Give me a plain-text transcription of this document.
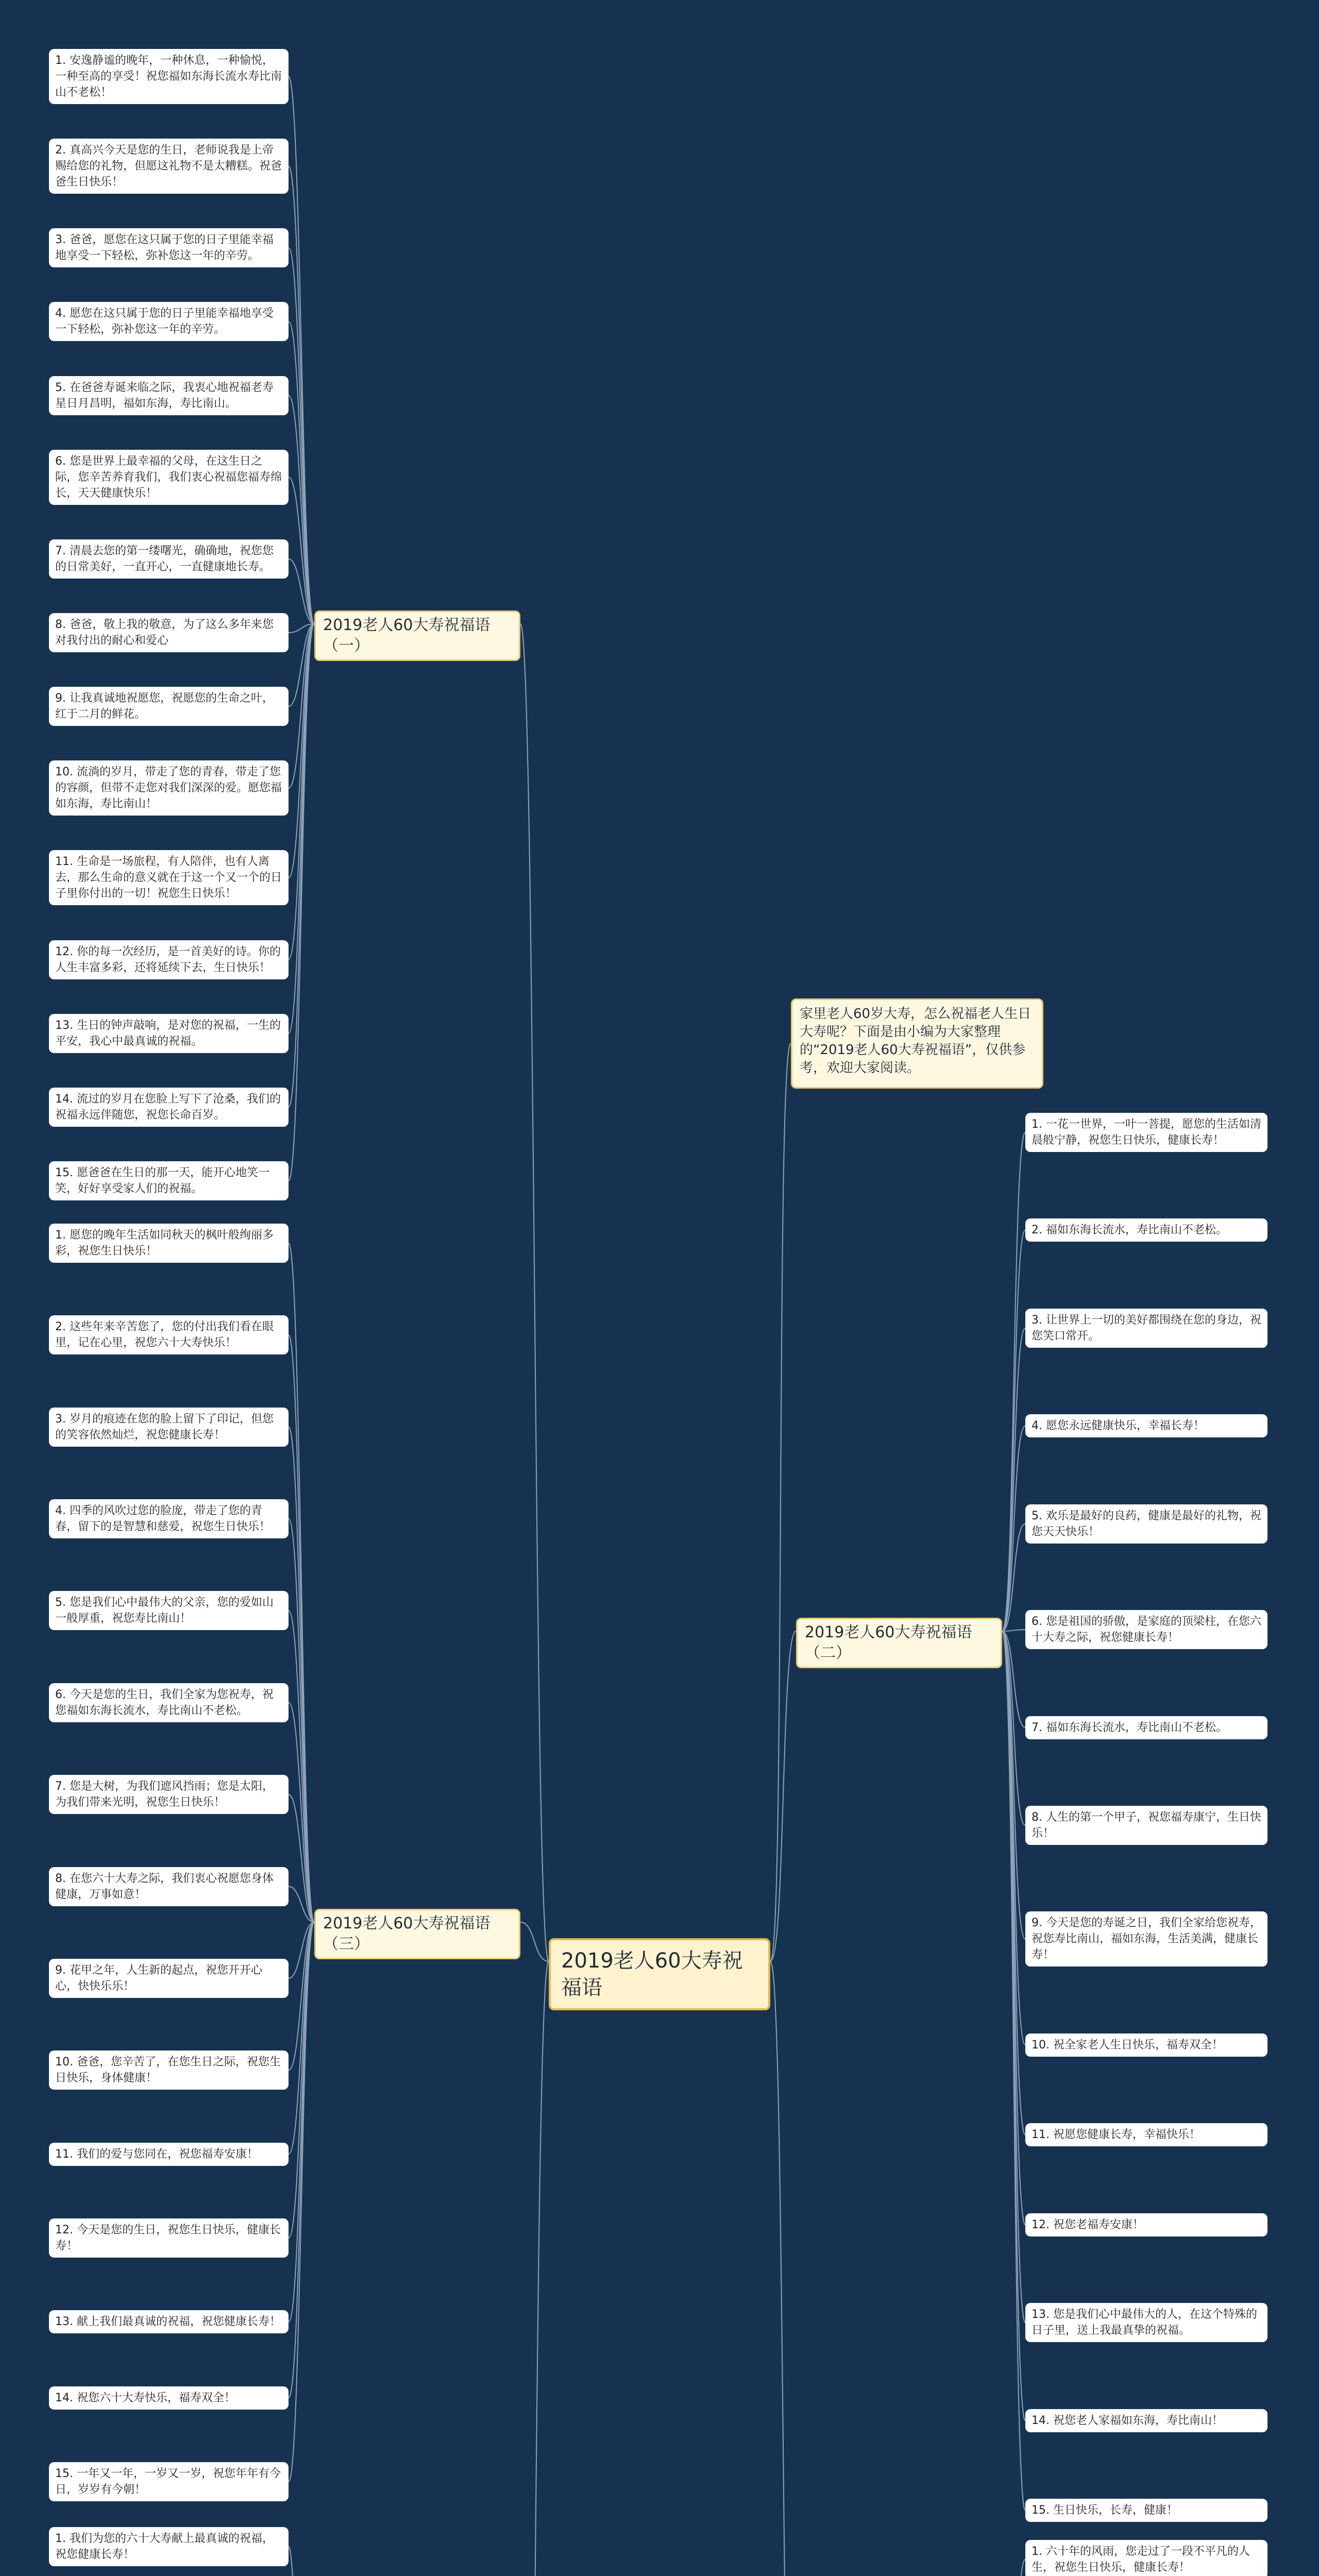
2019老人60大寿祝福语
家里老人60岁大寿，怎么祝福老人生日大寿呢？下面是由小编为大家整理的“2019老人60大寿祝福语”，仅供参考，欢迎大家阅读。
2019老人60大寿祝福语（一）
2019老人60大寿祝福语（二）
2019老人60大寿祝福语（三）
1. 安逸静谧的晚年，一种休息，一种愉悦，一种至高的享受！祝您福如东海长流水寿比南山不老松！
2. 真高兴今天是您的生日，老师说我是上帝赐给您的礼物，但愿这礼物不是太糟糕。祝爸爸生日快乐！
3. 爸爸，愿您在这只属于您的日子里能幸福地享受一下轻松，弥补您这一年的辛劳。
4. 愿您在这只属于您的日子里能幸福地享受一下轻松，弥补您这一年的辛劳。
5. 在爸爸寿诞来临之际，我衷心地祝福老寿星日月昌明，福如东海，寿比南山。
6. 您是世界上最幸福的父母，在这生日之际，您辛苦养育我们，我们衷心祝福您福寿绵长，天天健康快乐！
7. 清晨去您的第一缕曙光，确确地，祝您您的日常美好，一直开心，一直健康地长寿。
8. 爸爸，敬上我的敬意，为了这么多年来您对我付出的耐心和爱心
9. 让我真诚地祝愿您，祝愿您的生命之叶，红于二月的鲜花。
10. 流淌的岁月，带走了您的青春，带走了您的容颜，但带不走您对我们深深的爱。愿您福如东海，寿比南山！
11. 生命是一场旅程，有人陪伴，也有人离去，那么生命的意义就在于这一个又一个的日子里你付出的一切！祝您生日快乐！
12. 你的每一次经历，是一首美好的诗。你的人生丰富多彩，还将延续下去，生日快乐！
13. 生日的钟声敲响，是对您的祝福，一生的平安，我心中最真诚的祝福。
14. 流过的岁月在您脸上写下了沧桑，我们的祝福永远伴随您，祝您长命百岁。
15. 愿爸爸在生日的那一天，能开心地笑一笑，好好享受家人们的祝福。
1. 一花一世界，一叶一菩提，愿您的生活如清晨般宁静，祝您生日快乐，健康长寿！
2. 福如东海长流水，寿比南山不老松。
3. 让世界上一切的美好都围绕在您的身边，祝您笑口常开。
4. 愿您永远健康快乐，幸福长寿！
5. 欢乐是最好的良药，健康是最好的礼物，祝您天天快乐！
6. 您是祖国的骄傲，是家庭的顶梁柱，在您六十大寿之际，祝您健康长寿！
7. 福如东海长流水，寿比南山不老松。
8. 人生的第一个甲子，祝您福寿康宁，生日快乐！
9. 今天是您的寿诞之日，我们全家给您祝寿，祝您寿比南山，福如东海，生活美满，健康长寿！
10. 祝全家老人生日快乐，福寿双全！
11. 祝愿您健康长寿，幸福快乐！
12. 祝您老福寿安康！
13. 您是我们心中最伟大的人，在这个特殊的日子里，送上我最真挚的祝福。
14. 祝您老人家福如东海，寿比南山！
15. 生日快乐，长寿，健康！
1. 愿您的晚年生活如同秋天的枫叶般绚丽多彩，祝您生日快乐！
2. 这些年来辛苦您了，您的付出我们看在眼里，记在心里，祝您六十大寿快乐！
3. 岁月的痕迹在您的脸上留下了印记，但您的笑容依然灿烂，祝您健康长寿！
4. 四季的风吹过您的脸庞，带走了您的青春，留下的是智慧和慈爱，祝您生日快乐！
5. 您是我们心中最伟大的父亲，您的爱如山一般厚重，祝您寿比南山！
6. 今天是您的生日，我们全家为您祝寿，祝您福如东海长流水，寿比南山不老松。
7. 您是大树，为我们遮风挡雨；您是太阳，为我们带来光明，祝您生日快乐！
8. 在您六十大寿之际，我们衷心祝愿您身体健康，万事如意！
9. 花甲之年，人生新的起点，祝您开开心心，快快乐乐！
10. 爸爸，您辛苦了，在您生日之际，祝您生日快乐，身体健康！
11. 我们的爱与您同在，祝您福寿安康！
12. 今天是您的生日，祝您生日快乐，健康长寿！
13. 献上我们最真诚的祝福，祝您健康长寿！
14. 祝您六十大寿快乐，福寿双全！
15. 一年又一年，一岁又一岁，祝您年年有今日，岁岁有今朝！
1. 六十年的风雨，您走过了一段不平凡的人生，祝您生日快乐，健康长寿！
1. 我们为您的六十大寿献上最真诚的祝福，祝您健康长寿！
